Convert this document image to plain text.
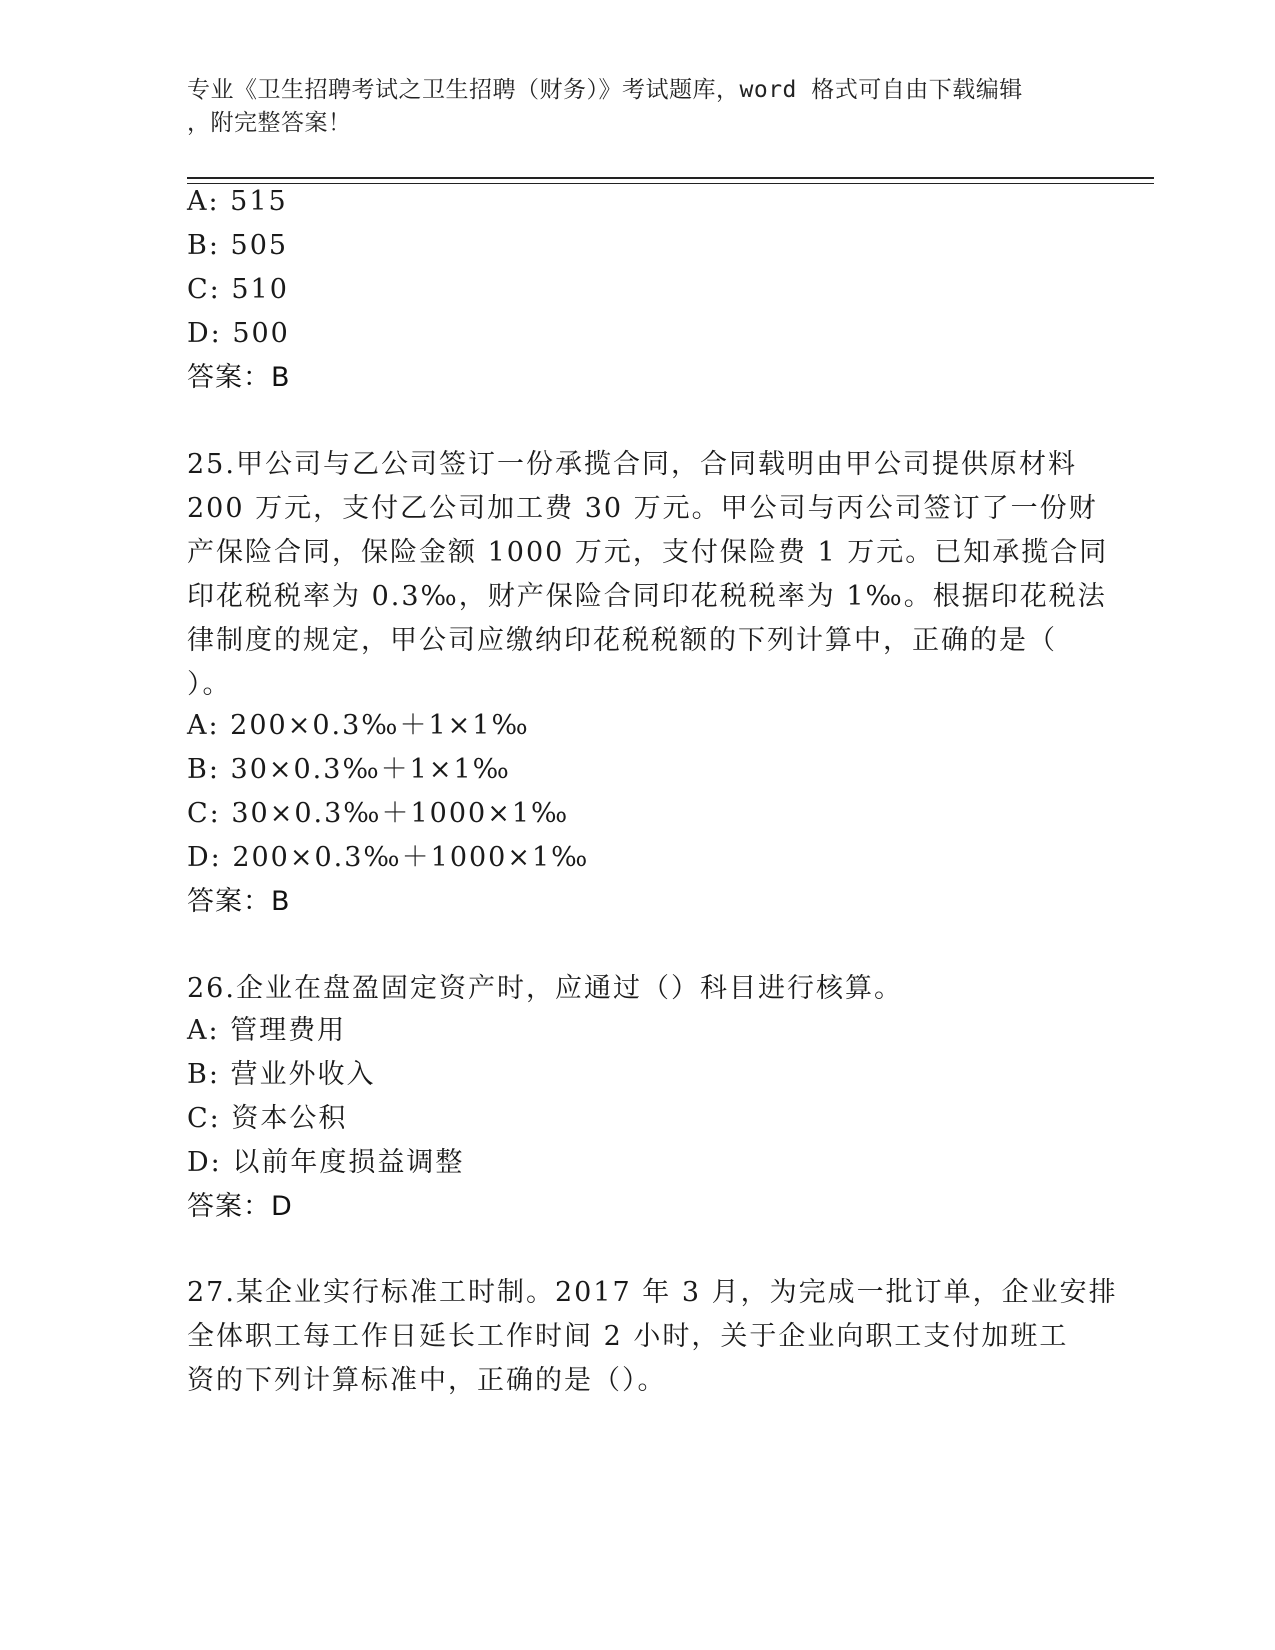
专业《卫生招聘考试之卫生招聘（财务）》考试题库，word 格式可自由下载编辑
，附完整答案！
A: 515
B: 505
C: 510
D: 500
答案：B
25.甲公司与乙公司签订一份承揽合同，合同载明由甲公司提供原材料
200 万元，支付乙公司加工费 30 万元。甲公司与丙公司签订了一份财
产保险合同，保险金额 1000 万元，支付保险费 1 万元。已知承揽合同
印花税税率为 0.3‰，财产保险合同印花税税率为 1‰。根据印花税法
律制度的规定，甲公司应缴纳印花税税额的下列计算中，正确的是（
）。
A: 200×0.3‰＋1×1‰
B: 30×0.3‰＋1×1‰
C: 30×0.3‰＋1000×1‰
D: 200×0.3‰＋1000×1‰
答案：B
26.企业在盘盈固定资产时，应通过（）科目进行核算。
A: 管理费用
B: 营业外收入
C: 资本公积
D: 以前年度损益调整
答案：D
27.某企业实行标准工时制。2017 年 3 月，为完成一批订单，企业安排
全体职工每工作日延长工作时间 2 小时，关于企业向职工支付加班工
资的下列计算标准中，正确的是（）。
